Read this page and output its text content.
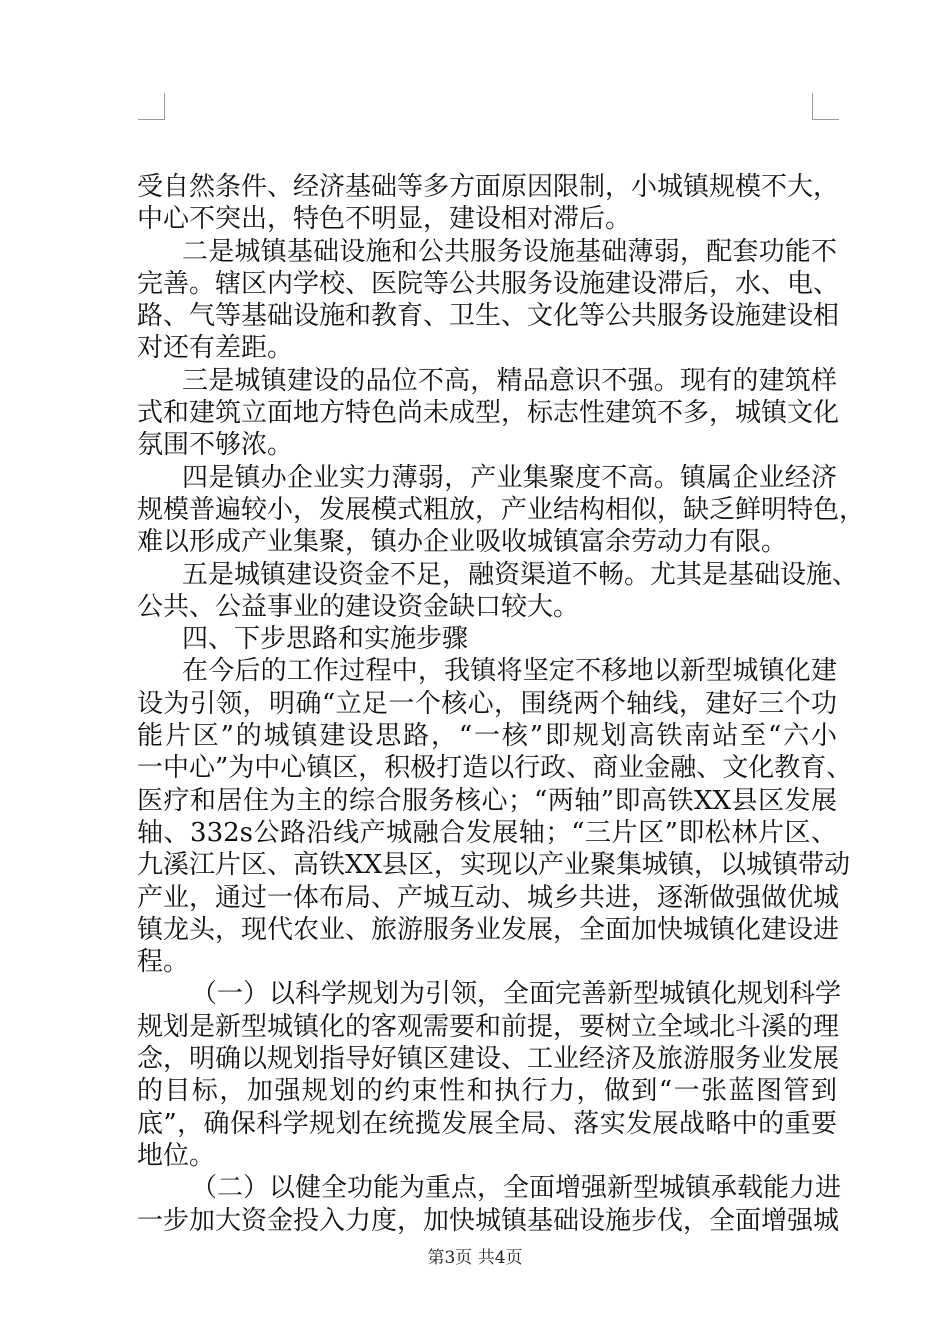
受自然条件、经济基础等多方面原因限制，小城镇规模不大，
中心不突出，特色不明显，建设相对滞后。
二是城镇基础设施和公共服务设施基础薄弱，配套功能不
完善。辖区内学校、医院等公共服务设施建设滞后，水、电、
路、气等基础设施和教育、卫生、文化等公共服务设施建设相
对还有差距。
三是城镇建设的品位不高，精品意识不强。现有的建筑样
式和建筑立面地方特色尚未成型，标志性建筑不多，城镇文化
氛围不够浓。
四是镇办企业实力薄弱，产业集聚度不高。镇属企业经济
规模普遍较小，发展模式粗放，产业结构相似，缺乏鲜明特色，
难以形成产业集聚，镇办企业吸收城镇富余劳动力有限。
五是城镇建设资金不足，融资渠道不畅。尤其是基础设施、
公共、公益事业的建设资金缺口较大。
四、下步思路和实施步骤
在今后的工作过程中，我镇将坚定不移地以新型城镇化建
设为引领，明确“立足一个核心，围绕两个轴线，建好三个功
能片区”的城镇建设思路，“一核”即规划高铁南站至“六小
一中心”为中心镇区，积极打造以行政、商业金融、文化教育、
医疗和居住为主的综合服务核心；“两轴”即高铁XX县区发展
轴、332s公路沿线产城融合发展轴；“三片区”即松林片区、
九溪江片区、高铁XX县区，实现以产业聚集城镇，以城镇带动
产业，通过一体布局、产城互动、城乡共进，逐渐做强做优城
镇龙头，现代农业、旅游服务业发展，全面加快城镇化建设进
程。
（一）以科学规划为引领，全面完善新型城镇化规划科学
规划是新型城镇化的客观需要和前提，要树立全域北斗溪的理
念，明确以规划指导好镇区建设、工业经济及旅游服务业发展
的目标，加强规划的约束性和执行力，做到“一张蓝图管到
底”，确保科学规划在统揽发展全局、落实发展战略中的重要
地位。
（二）以健全功能为重点，全面增强新型城镇承载能力进
一步加大资金投入力度，加快城镇基础设施步伐，全面增强城
第3页 共4页
